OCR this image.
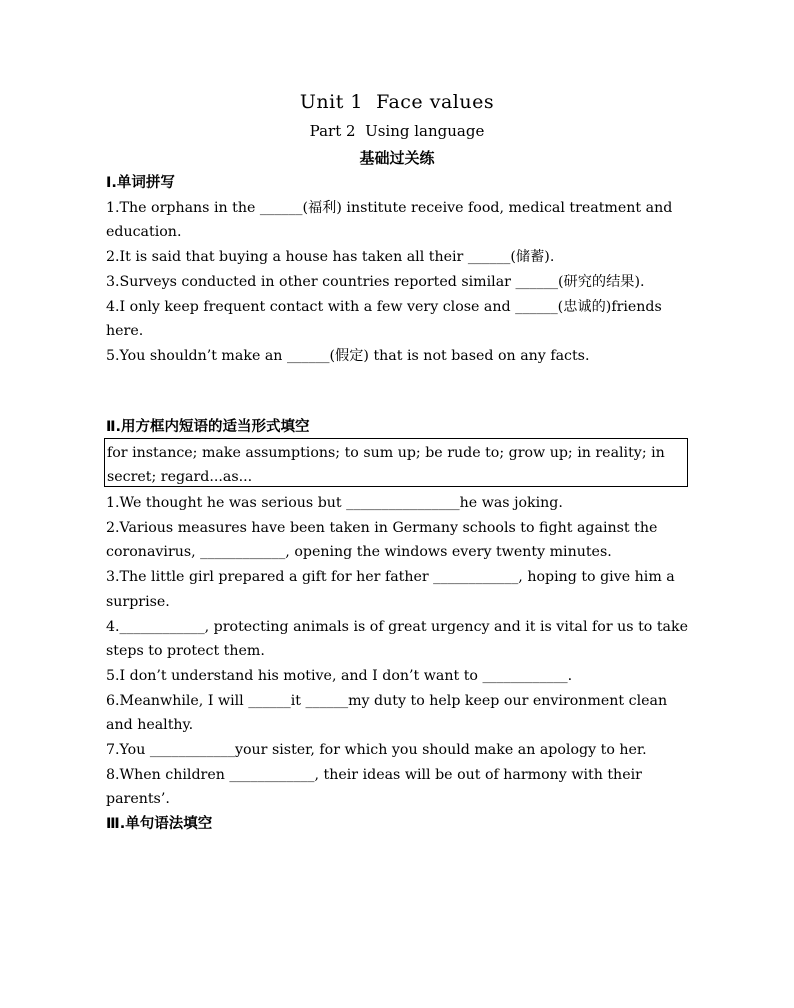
Unit 1  Face values
Part 2  Using language
基础过关练
Ⅰ.单词拼写

1.The orphans in the ______(福利) institute receive food, medical treatment and education.

2.It is said that buying a house has taken all their ______(储蓄).

3.Surveys conducted in other countries reported similar ______(研究的结果).

4.I only keep frequent contact with a few very close and ______(忠诚的)friends here.

5.You shouldn’t make an ______(假定) that is not based on any facts.

Ⅱ.用方框内短语的适当形式填空
for instance; make assumptions; to sum up; be rude to; grow up; in reality; in secret; regard...as...

1.We thought he was serious but ________________he was joking.

2.Various measures have been taken in Germany schools to fight against the coronavirus, ____________, opening the windows every twenty minutes.

3.The little girl prepared a gift for her father ____________, hoping to give him a surprise.

4.____________, protecting animals is of great urgency and it is vital for us to take steps to protect them.

5.I don’t understand his motive, and I don’t want to ____________.

6.Meanwhile, I will ______it ______my duty to help keep our environment clean and healthy.

7.You ____________your sister, for which you should make an apology to her.

8.When children ____________, their ideas will be out of harmony with their parents’.

Ⅲ.单句语法填空
